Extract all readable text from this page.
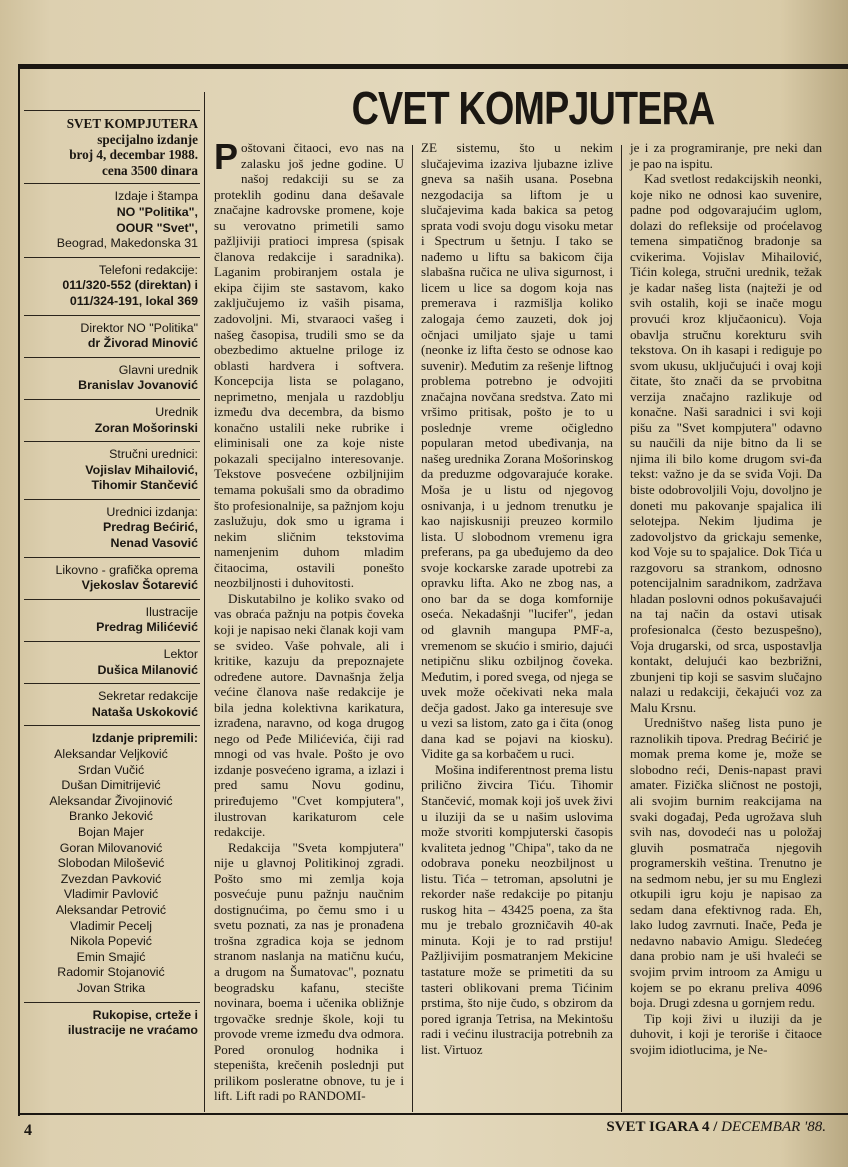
SVET KOMPJUTERA
specijalno izdanje
broj 4, decembar 1988.
cena 3500 dinara
Izdaje i štampa
NO "Politika",
OOUR "Svet",
Beograd, Makedonska 31
Telefoni redakcije:
011/320-552 (direktan) i
011/324-191, lokal 369
Direktor NO "Politika"
dr Živorad Minović
Glavni urednik
Branislav Jovanović
Urednik
Zoran Mošorinski
Stručni urednici:
Vojislav Mihailović,
Tihomir Stančević
Urednici izdanja:
Predrag Bećirić,
Nenad Vasović
Likovno - grafička oprema
Vjekoslav Šotarević
Ilustracije
Predrag Milićević
Lektor
Dušica Milanović
Sekretar redakcije
Nataša Uskoković
Izdanje pripremili:
Aleksandar Veljković
Srdan Vučić
Dušan Dimitrijević
Aleksandar Živojinović
Branko Jeković
Bojan Majer
Goran Milovanović
Slobodan Milošević
Zvezdan Pavković
Vladimir Pavlović
Aleksandar Petrović
Vladimir Pecelj
Nikola Popević
Emin Smajić
Radomir Stojanović
Jovan Strika
Rukopise, crteže i
ilustracije ne vraćamo
CVET KOMPJUTERA

Poštovani čitaoci, evo nas na zalasku još jedne godine. U našoj redakciji su se za proteklih godinu dana dešavale značajne kadrovske promene, koje su verovatno primetili samo pažljiviji pratioci impresa (spisak članova redakcije i saradnika). Laganim probiranjem ostala je ekipa čijim ste sastavom, kako zaključujemo iz vaših pisama, zadovoljni. Mi, stvaraoci vašeg i našeg časopisa, trudili smo se da obezbedimo aktuelne priloge iz oblasti hardvera i softvera. Koncepcija lista se polagano, neprimetno, menjala u razdoblju između dva decembra, da bismo konačno ustalili neke rubrike i eliminisali one za koje niste pokazali specijalno interesovanje. Tekstove posvećene ozbiljnijim temama pokušali smo da obradimo što profesionalnije, sa pažnjom koju zaslužuju, dok smo u igrama i nekim sličnim tekstovima namenjenim duhom mladim čitaocima, ostavili ponešto neozbiljnosti i duhovitosti.

Diskutabilno je koliko svako od vas obraća pažnju na potpis čoveka koji je napisao neki članak koji vam se svideo. Vaše pohvale, ali i kritike, kazuju da prepoznajete određene autore. Davnašnja želja većine članova naše redakcije je bila jedna kolektivna karikatura, izrađena, naravno, od koga drugog nego od Peđe Milićevića, čiji rad mnogi od vas hvale. Pošto je ovo izdanje posvećeno igrama, a izlazi i pred samu Novu godinu, priređujemo "Cvet kompjutera", ilustrovan karikaturom cele redakcije.

Redakcija "Sveta kompjutera" nije u glavnoj Politikinoj zgradi. Pošto smo mi zemlja koja posvećuje punu pažnju naučnim dostignućima, po čemu smo i u svetu poznati, za nas je pronađena trošna zgradica koja se jednom stranom naslanja na matičnu kuću, a drugom na Šumatovac", poznatu beogradsku kafanu, stecište novinara, boema i učenika obližnje trgovačke srednje škole, koji tu provode vreme između dva odmora. Pored oronulog hodnika i stepeništa, krečenih poslednji put prilikom posleratne obnove, tu je i lift. Lift radi po RANDOMI-

ZE sistemu, što u nekim slučajevima izaziva ljubazne izlive gneva sa naših usana. Posebna nezgodacija sa liftom je u slučajevima kada bakica sa petog sprata vodi svoju dogu visoku metar i Spectrum u šetnju. I tako se nađemo u liftu sa bakicom čija slabašna ručica ne uliva sigurnost, i licem u lice sa dogom koja nas premerava i razmišlja koliko zalogaja ćemo zauzeti, dok joj očnjaci umiljato sjaje u tami (neonke iz lifta često se odnose kao suvenir). Međutim za rešenje liftnog problema potrebno je odvojiti značajna novčana sredstva. Zato mi vršimo pritisak, pošto je to u poslednje vreme očigledno popularan metod ubeđivanja, na našeg urednika Zorana Mošorinskog da preduzme odgovarajuće korake. Moša je u listu od njegovog osnivanja, i u jednom trenutku je kao najiskusniji preuzeo kormilo lista. U slobodnom vremenu igra preferans, pa ga ubeđujemo da deo svoje kockarske zarade upotrebi za opravku lifta. Ako ne zbog nas, a ono bar da se doga komfornije oseća. Nekadašnji "lucifer", jedan od glavnih mangupa PMF-a, vremenom se skućio i smirio, dajući netipičnu sliku ozbiljnog čoveka. Međutim, i pored svega, od njega se uvek može očekivati neka mala dečja gadost. Jako ga interesuje sve u vezi sa listom, zato ga i čita (onog dana kad se pojavi na kiosku). Vidite ga sa korbačem u ruci.

Mošina indiferentnost prema listu prilično živcira Tiću. Tihomir Stančević, momak koji još uvek živi u iluziji da se u našim uslovima može stvoriti kompjuterski časopis kvaliteta jednog "Chipa", tako da ne odobrava poneku neozbiljnost u listu. Tića – tetroman, apsolutni je rekorder naše redakcije po pitanju ruskog hita – 43425 poena, za šta mu je trebalo grozničavih 40-ak minuta. Koji je to rad prstiju! Pažljivijim posmatranjem Mekicine tastature može se primetiti da su tasteri oblikovani prema Tićinim prstima, što nije čudo, s obzirom da pored igranja Tetrisa, na Mekintošu radi i većinu ilustracija potrebnih za list. Virtuoz

je i za programiranje, pre neki dan je pao na ispitu.

Kad svetlost redakcijskih neonki, koje niko ne odnosi kao suvenire, padne pod odgovarajućim uglom, dolazi do refleksije od proćelavog temena simpatičnog bradonje sa cvikerima. Vojislav Mihailović, Tićin kolega, stručni urednik, težak je kadar našeg lista (najteži je od svih ostalih, koji se inače mogu provući kroz ključaonicu). Voja obavlja stručnu korekturu svih tekstova. On ih kasapi i rediguje po svom ukusu, uključujući i ovaj koji čitate, što znači da se prvobitna verzija značajno razlikuje od konačne. Naši saradnici i svi koji pišu za "Svet kompjutera" odavno su naučili da nije bitno da li se njima ili bilo kome drugom svi-đa tekst: važno je da se sviđa Voji. Da biste odobrovoljili Voju, dovoljno je doneti mu pakovanje spajalica ili selotejpa. Nekim ljudima je zadovoljstvo da grickaju semenke, kod Voje su to spajalice. Dok Tića u razgovoru sa strankom, odnosno potencijalnim saradnikom, zadržava hladan poslovni odnos pokušavajući na taj način da ostavi utisak profesionalca (često bezuspešno), Voja drugarski, od srca, uspostavlja kontakt, delujući kao bezbrižni, zbunjeni tip koji se sasvim slučajno nalazi u redakciji, čekajući voz za Malu Krsnu.

Uredništvo našeg lista puno je raznolikih tipova. Predrag Bećirić je momak prema kome je, može se slobodno reći, Denis-napast pravi amater. Fizička sličnost ne postoji, ali svojim burnim reakcijama na svaki događaj, Peđa ugrožava sluh svih nas, dovodeći nas u položaj gluvih posmatrača njegovih programerskih veština. Trenutno je na sedmom nebu, jer su mu Englezi otkupili igru koju je napisao za sedam dana efektivnog rada. Eh, lako ludog zavrnuti. Inače, Peđa je nedavno nabavio Amigu. Sledećeg dana probio nam je uši hvaleći se svojim prvim introom za Amigu u kojem se po ekranu preliva 4096 boja. Drugi zdesna u gornjem redu.

Tip koji živi u iluziji da je duhovit, i koji je teroriše i čitaoce svojim idiotlucima, je Ne-

4	SVET IGARA 4 / DECEMBAR '88.
